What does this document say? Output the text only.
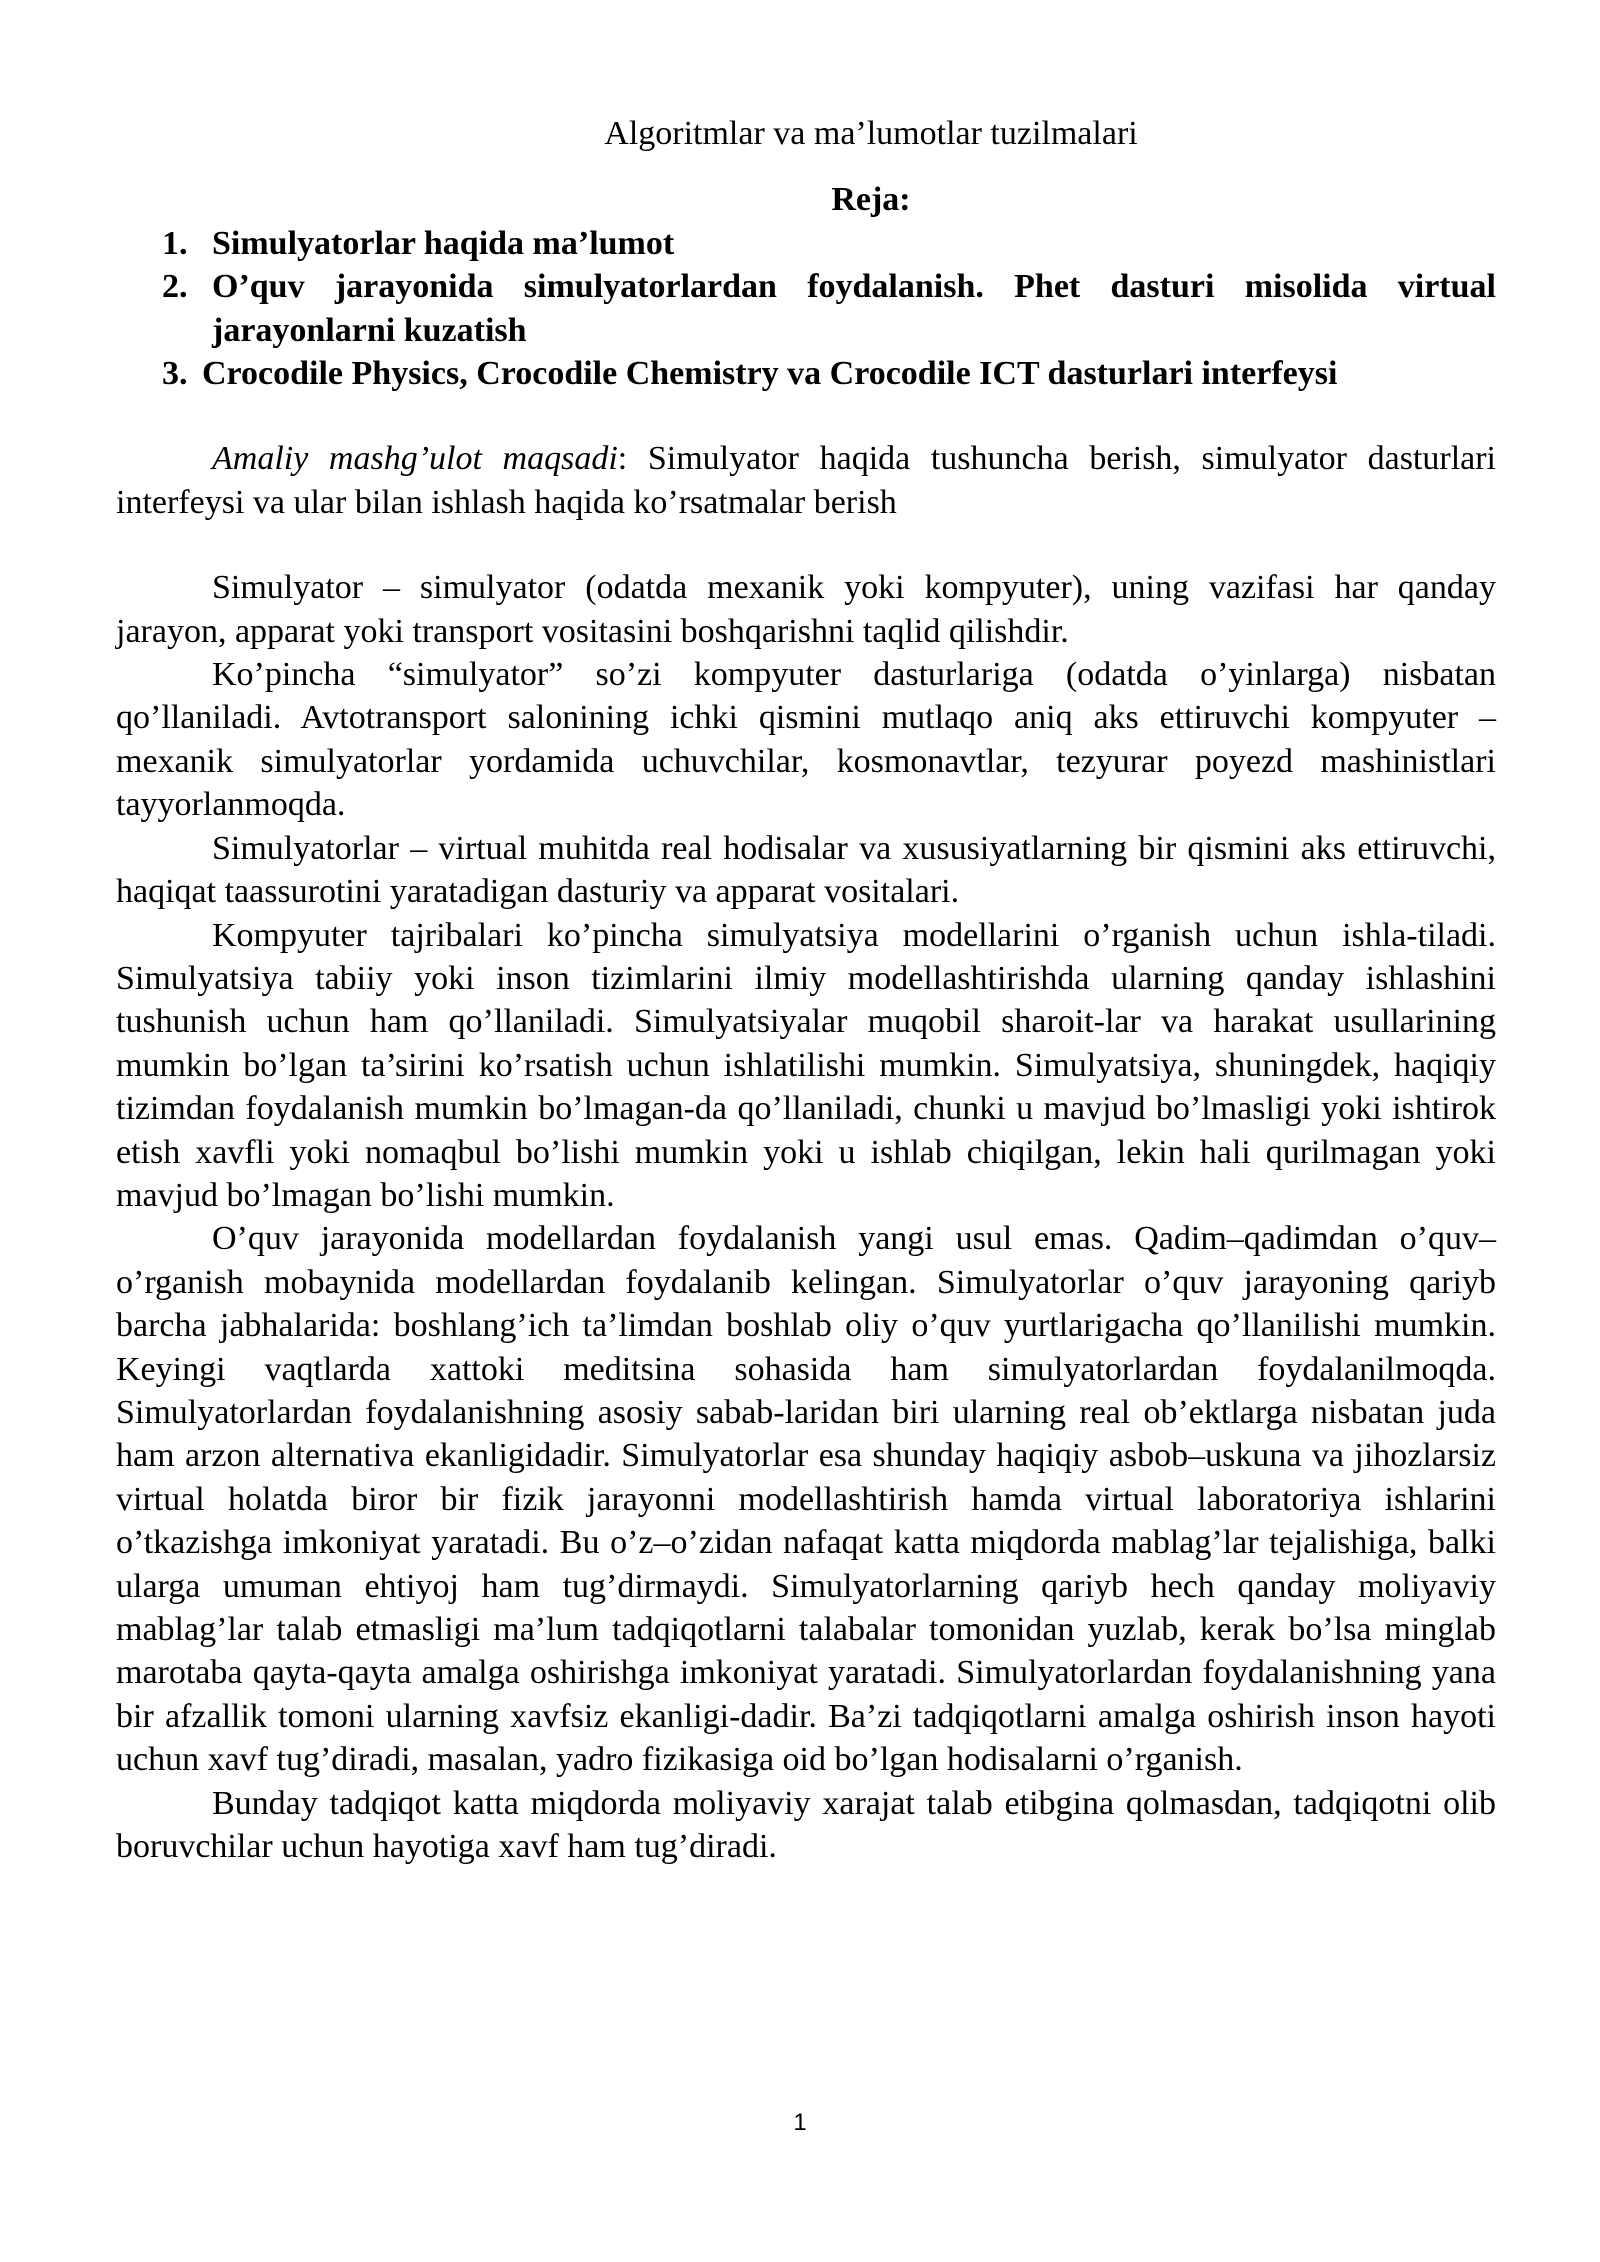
Algoritmlar va ma’lumotlar tuzilmalari
Reja:
1. Simulyatorlar haqida ma’lumot
2. O’quv jarayonida simulyatorlardan foydalanish. Phet dasturi misolida virtual jarayonlarni kuzatish
3. Crocodile Physics, Crocodile Chemistry va Crocodile ICT dasturlari interfeysi

Amaliy mashg’ulot maqsadi: Simulyator haqida tushuncha berish, simulyator dasturlari interfeysi va ular bilan ishlash haqida ko’rsatmalar berish

Simulyator – simulyator (odatda mexanik yoki kompyuter), uning vazifasi har qanday jarayon, apparat yoki transport vositasini boshqarishni taqlid qilishdir.

Ko’pincha “simulyator” so’zi kompyuter dasturlariga (odatda o’yinlarga) nisbatan qo’llaniladi. Avtotransport salonining ichki qismini mutlaqo aniq aks ettiruvchi kompyuter – mexanik simulyatorlar yordamida uchuvchilar, kosmonavtlar, tezyurar poyezd mashinistlari tayyorlanmoqda.

Simulyatorlar – virtual muhitda real hodisalar va xususiyatlarning bir qismini aks ettiruvchi, haqiqat taassurotini yaratadigan dasturiy va apparat vositalari.

Kompyuter tajribalari ko’pincha simulyatsiya modellarini o’rganish uchun ishla-tiladi. Simulyatsiya tabiiy yoki inson tizimlarini ilmiy modellashtirishda ularning qanday ishlashini tushunish uchun ham qo’llaniladi. Simulyatsiyalar muqobil sharoit-lar va harakat usullarining mumkin bo’lgan ta’sirini ko’rsatish uchun ishlatilishi mumkin. Simulyatsiya, shuningdek, haqiqiy tizimdan foydalanish mumkin bo’lmagan-da qo’llaniladi, chunki u mavjud bo’lmasligi yoki ishtirok etish xavfli yoki nomaqbul bo’lishi mumkin yoki u ishlab chiqilgan, lekin hali qurilmagan yoki mavjud bo’lmagan bo’lishi mumkin.

O’quv jarayonida modellardan foydalanish yangi usul emas. Qadim–qadimdan o’quv–o’rganish mobaynida modellardan foydalanib kelingan. Simulyatorlar o’quv jarayoning qariyb barcha jabhalarida: boshlang’ich ta’limdan boshlab oliy o’quv yurtlarigacha qo’llanilishi mumkin. Keyingi vaqtlarda xattoki meditsina sohasida ham simulyatorlardan foydalanilmoqda. Simulyatorlardan foydalanishning asosiy sabab-laridan biri ularning real ob’ektlarga nisbatan juda ham arzon alternativa ekanligidadir. Simulyatorlar esa shunday haqiqiy asbob–uskuna va jihozlarsiz virtual holatda biror bir fizik jarayonni modellashtirish hamda virtual laboratoriya ishlarini o’tkazishga imkoniyat yaratadi. Bu o’z–o’zidan nafaqat katta miqdorda mablag’lar tejalishiga, balki ularga umuman ehtiyoj ham tug’dirmaydi. Simulyatorlarning qariyb hech qanday moliyaviy mablag’lar talab etmasligi ma’lum tadqiqotlarni talabalar tomonidan yuzlab, kerak bo’lsa minglab marotaba qayta-qayta amalga oshirishga imkoniyat yaratadi. Simulyatorlardan foydalanishning yana bir afzallik tomoni ularning xavfsiz ekanligi-dadir. Ba’zi tadqiqotlarni amalga oshirish inson hayoti uchun xavf tug’diradi, masalan, yadro fizikasiga oid bo’lgan hodisalarni o’rganish.

Bunday tadqiqot katta miqdorda moliyaviy xarajat talab etibgina qolmasdan, tadqiqotni olib boruvchilar uchun hayotiga xavf ham tug’diradi.

1
